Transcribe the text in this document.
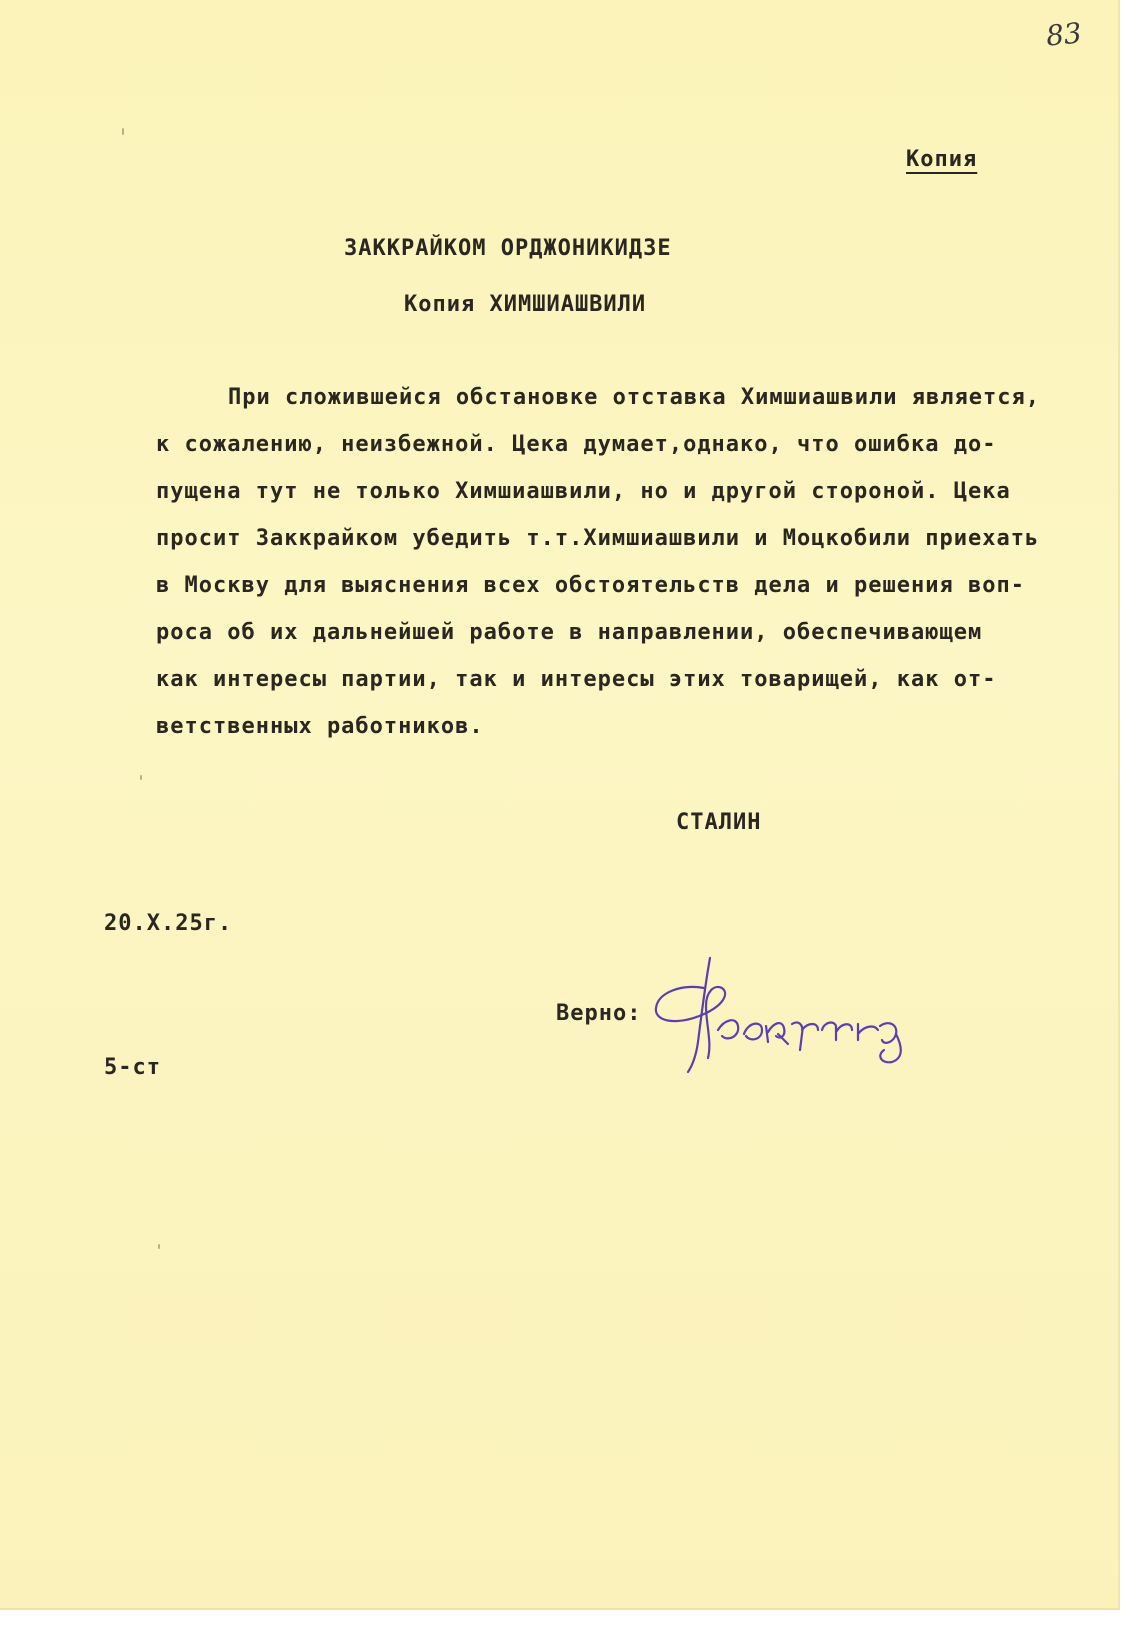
83

Копия

ЗАККРАЙКОМ ОРДЖОНИКИДЗЕ

Копия ХИМШИАШВИЛИ

При сложившейся обстановке отставка Химшиашвили является,
к сожалению, неизбежной. Цека думает,однако, что ошибка до-
пущена тут не только Химшиашвили, но и другой стороной. Цека
просит Заккрайком убедить т.т.Химшиашвили и Моцкобили приехать
в Москву для выяснения всех обстоятельств дела и решения воп-
роса об их дальнейшей работе в направлении, обеспечивающем
как интересы партии, так и интересы этих товарищей, как от-
ветственных работников.

СТАЛИН

20.X.25г.

Верно:

5-ст
